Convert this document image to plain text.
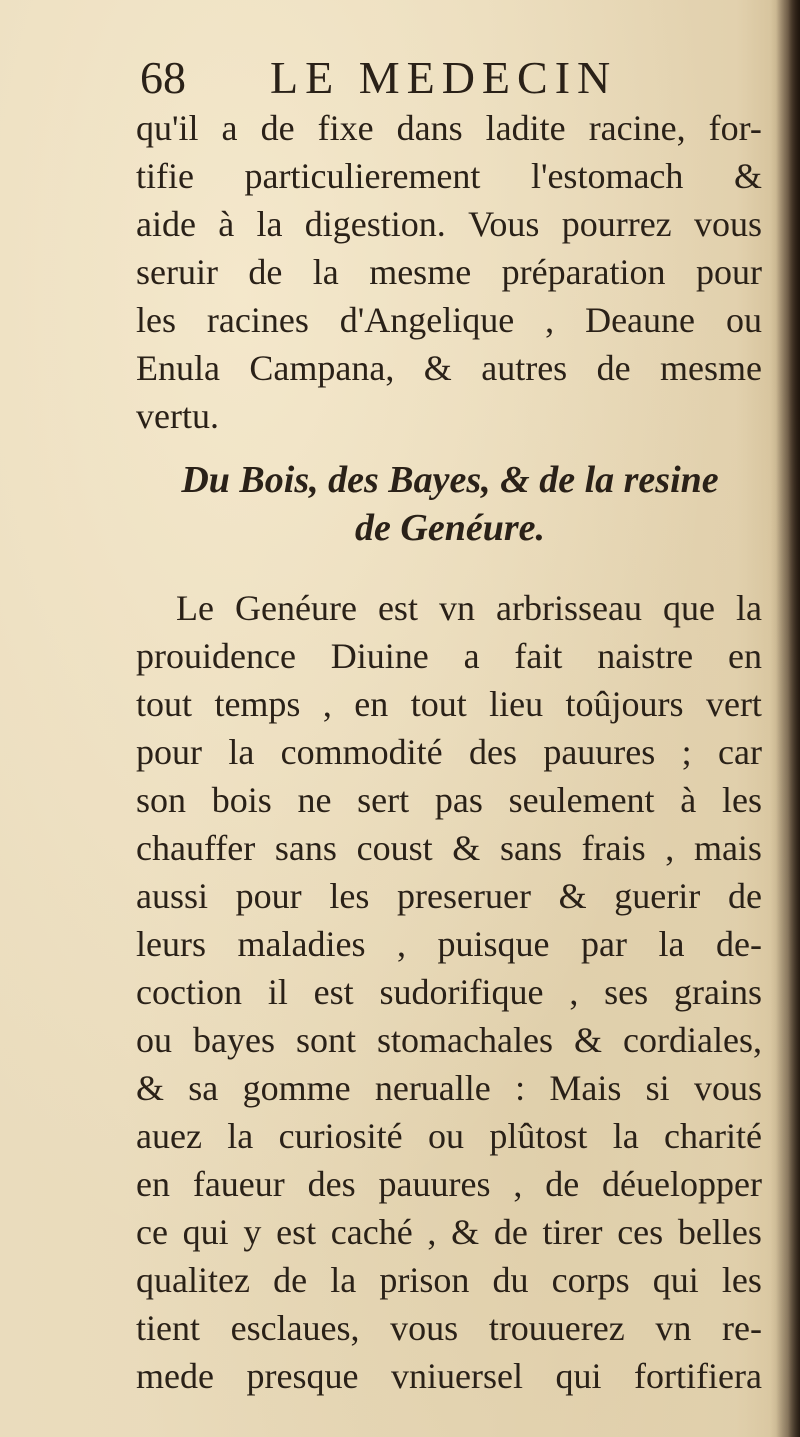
68 LE MEDECIN
qu'il a de fixe dans ladite racine, for-
tifie particulierement l'estomach &
aide à la digestion. Vous pourrez vous
seruir de la mesme préparation pour
les racines d'Angelique , Deaune ou
Enula Campana, & autres de mesme
vertu.
Du Bois, des Bayes, & de la resine
de Genéure.
Le Genéure est vn arbrisseau que la
prouidence Diuine a fait naistre en
tout temps , en tout lieu toûjours vert
pour la commodité des pauures ; car
son bois ne sert pas seulement à les
chauffer sans coust & sans frais , mais
aussi pour les preseruer & guerir de
leurs maladies , puisque par la de-
coction il est sudorifique , ses grains
ou bayes sont stomachales & cordiales,
& sa gomme nerualle : Mais si vous
auez la curiosité ou plûtost la charité
en faueur des pauures , de déuelopper
ce qui y est caché , & de tirer ces belles
qualitez de la prison du corps qui les
tient esclaues, vous trouuerez vn re-
mede presque vniuersel qui fortifiera
